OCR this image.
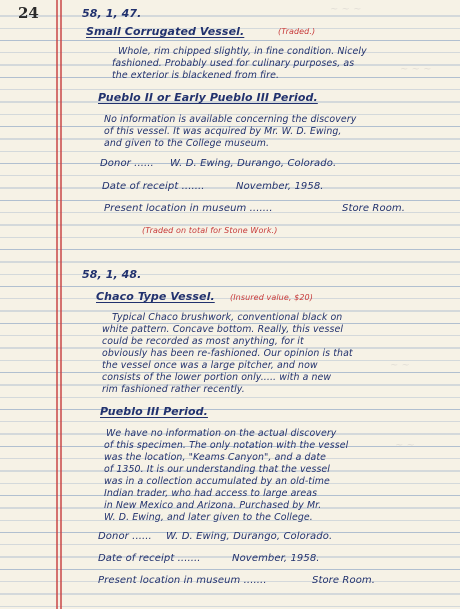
~ ~ ~
~ ~ ~
~ ~
~ ~
24	58, 1, 47.
Small Corrugated Vessel.	(Traded.)
Whole, rim chipped slightly, in fine condition. Nicely
fashioned. Probably used for culinary purposes, as
the exterior is blackened from fire.
Pueblo II or Early Pueblo III Period.
No information is available concerning the discovery
of this vessel. It was acquired by Mr. W. D. Ewing,
and given to the College museum.
Donor ...... W. D. Ewing, Durango, Colorado.
Date of receipt .......	November, 1958.
Present location in museum .......	Store Room.
(Traded on total for Stone Work.)
58, 1, 48.
Chaco Type Vessel. (Insured value, $20)
Typical Chaco brushwork, conventional black on
white pattern. Concave bottom. Really, this vessel
could be recorded as most anything, for it
obviously has been re-fashioned. Our opinion is that
the vessel once was a large pitcher, and now
consists of the lower portion only..... with a new
rim fashioned rather recently.
Pueblo III Period.
We have no information on the actual discovery
of this specimen. The only notation with the vessel
was the location, "Keams Canyon", and a date
of 1350. It is our understanding that the vessel
was in a collection accumulated by an old-time
Indian trader, who had access to large areas
in New Mexico and Arizona. Purchased by Mr.
W. D. Ewing, and later given to the College.
Donor ...... W. D. Ewing, Durango, Colorado.
Date of receipt .......	November, 1958.
Present location in museum .......	Store Room.
